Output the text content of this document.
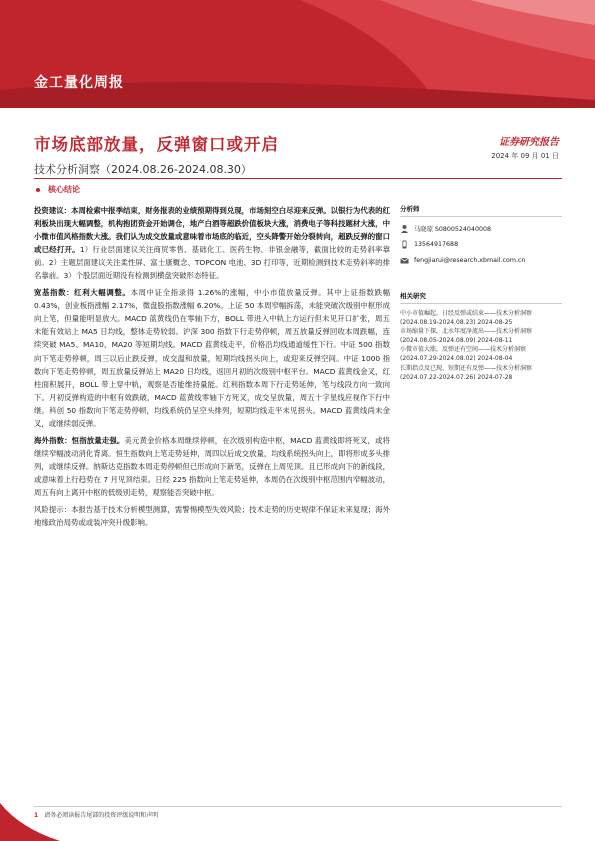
金工量化周报
市场底部放量，反弹窗口或开启	证券研究报告
2024 年 09 月 01 日
技术分析洞察（2024.08.26-2024.08.30）
核心结论

投资建议：本周检索中报季结束，财务报表的业绩预期得到兑现，市场刻空白尽迎来反弹。以银行为代表的红利板块出现大幅调整，机构抱团资金开始调仓，地产白酒等超跌价值板块大涨，消费电子等科技题材大涨，中小微市值风格指数大涨。我们认为成交放量或意味着市场底的临近，空头降警开始分裂转向，超跌反弹的窗口或已经打开。1）行业层面建议关注商贸零售、基础化工、医药生物、非银金融等，截面比较的走势斜率靠前。2）主题层面建议关注柔性屏、富士康概念、TOPCON 电池、3D 打印等，近期检测到技术走势斜率的排名靠前。3）个股层面近期没有检测到横盘突破形态特征。

宽基指数：红利大幅调整。本周中证全指录得 1.26%的涨幅，中小市值放量反弹。其中上证指数跌幅 0.43%，创业板指涨幅 2.17%，微盘股指数涨幅 6.20%。上证 50 本周窄幅拆荡，未能突破次级别中枢形成向上笔，但量能明显放大。MACD 蓝黄线仍在零轴下方，BOLL 带进入中轨上方运行但未见开口扩张，周五未能有效站上 MA5 日均线，整体走势较弱。沪深 300 指数下行走势停顿，周五放量反弹回收本周跌幅，连续突破 MA5、MA10、MA20 等短期均线。MACD 蓝黄线走平，价格沿均线通道缓性下行。中证 500 指数向下笔走势停顿，周三以后止跌反弹，成交温和放量，短期均线拐头向上，或迎来反弹空间。中证 1000 指数向下笔走势停顿，周五放量反弹站上 MA20 日均线，返回月初的次级别中枢平台。MACD 蓝黄线金叉，红柱面积展开，BOLL 带上穿中轨，观察是否能维持量能。红利指数本周下行走势延伸，笔与线段方向一致向下。月初反弹构造的中枢有效跌破，MACD 蓝黄线零轴下方死叉，成交呈放量，周五十字星线应视作下行中继。科创 50 指数向下笔走势停顿，均线系统仍呈空头排列，短期均线走平未见拐头。MACD 蓝黄线尚未金叉，或继续弱反弹。

海外指数：恒指放量走强。美元黄金价格本周继续停顿，在次级别构造中枢，MACD 蓝黄线即将死叉，或将继续窄幅波动消化背离。恒生指数向上笔走势延伸，周四以后成交放量，均线系统拐头向上，即将形成多头排列，或继续反弹。纳斯达克指数本周走势停顿但已形成向下新笔，反弹在上周见顶。且已形成向下的新线段，或意味着上行趋势在 7 月见顶结束。日经 225 指数向上笔走势延伸，本周仍在次级别中枢范围内窄幅波动，周五有向上离开中枢的低级别走势，观察能否突破中枢。

风险提示：本报告基于技术分析模型测算，需警惕模型失效风险；技术走势的历史规律不保证未来复现；海外地缘政治局势或或装冲突升级影响。

分析师
马晓琼 S0800524040008
13564917688
fengjiarui@research.xbmail.com.cn
相关研究
中小市值崛起，日经反弹或结束——技术分析洞察(2024.08.19-2024.08.23) 2024-08-25
市场缩量下探，北水年度净流出——技术分析洞察(2024.08.05-2024.08.09) 2024-08-11
小微市值大涨，反弹还有空间——技术分析洞察(2024.07.29-2024.08.02) 2024-08-04
长期指点及已现，短期还有反弹——技术分析洞察(2024.07.22-2024.07.26) 2024-07-28
1 请务必阅读报告尾部的投资评级说明和声明
